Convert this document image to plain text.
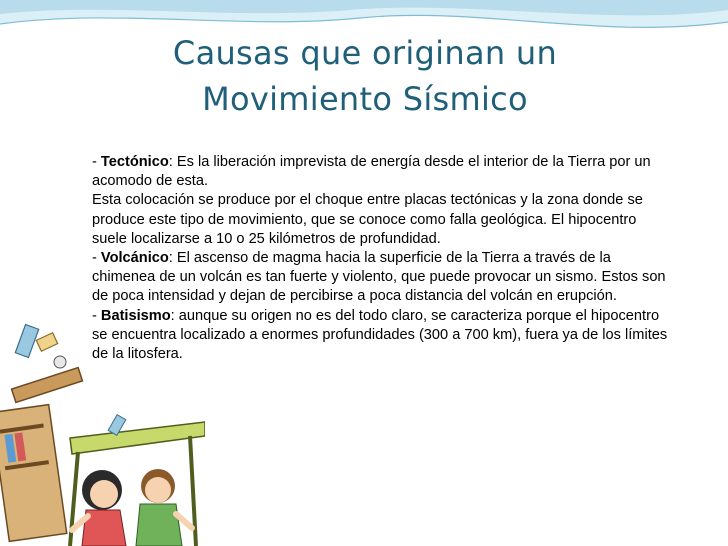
Causas que originan un
Movimiento Sísmico

- Tectónico: Es la liberación imprevista de energía desde el interior de la Tierra por un acomodo de esta.

Esta colocación se produce por el choque entre placas tectónicas y la zona donde se produce este tipo de movimiento, que se conoce como falla geológica. El hipocentro suele localizarse a 10 o 25 kilómetros de profundidad.

- Volcánico: El ascenso de magma hacia la superficie de la Tierra a través de la chimenea de un volcán es tan fuerte y violento, que puede provocar un sismo. Estos son de poca intensidad y dejan de percibirse a poca distancia del volcán en erupción.

- Batisismo: aunque su origen no es del todo claro, se caracteriza porque el hipocentro se encuentra localizado a enormes profundidades (300 a 700 km), fuera ya de los límites de la litosfera.
